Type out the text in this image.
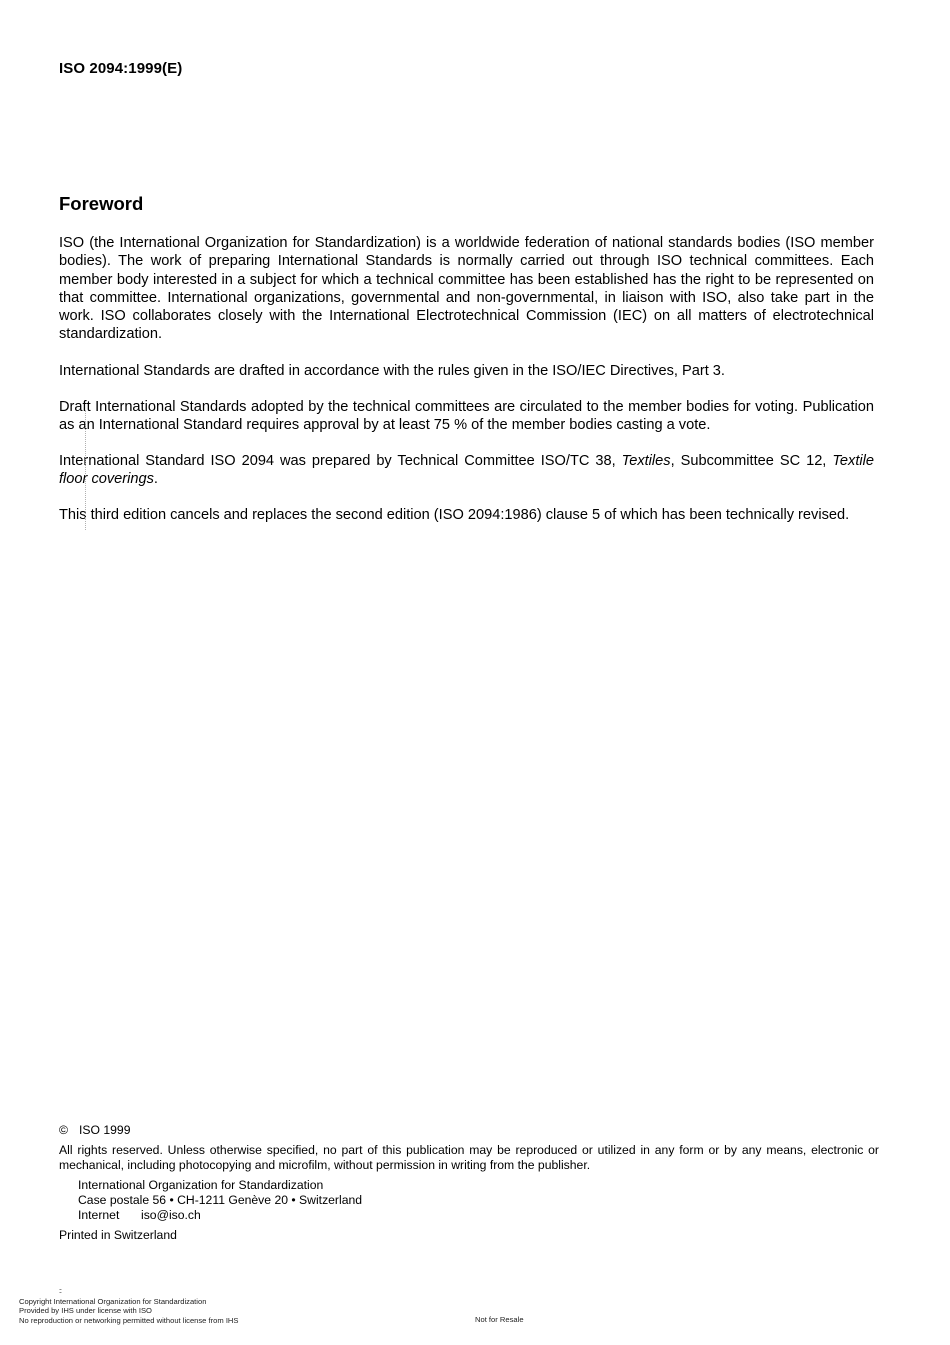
ISO 2094:1999(E)
Foreword

ISO (the International Organization for Standardization) is a worldwide federation of national standards bodies (ISO member bodies). The work of preparing International Standards is normally carried out through ISO technical committees. Each member body interested in a subject for which a technical committee has been established has the right to be represented on that committee. International organizations, governmental and non-governmental, in liaison with ISO, also take part in the work. ISO collaborates closely with the International Electrotechnical Commission (IEC) on all matters of electrotechnical standardization.

International Standards are drafted in accordance with the rules given in the ISO/IEC Directives, Part 3.

Draft International Standards adopted by the technical committees are circulated to the member bodies for voting. Publication as an International Standard requires approval by at least 75 % of the member bodies casting a vote.

International Standard ISO 2094 was prepared by Technical Committee ISO/TC 38, Textiles, Subcommittee SC 12, Textile floor coverings.

This third edition cancels and replaces the second edition (ISO 2094:1986) clause 5 of which has been technically revised.

© ISO 1999
All rights reserved. Unless otherwise specified, no part of this publication may be reproduced or utilized in any form or by any means, electronic or mechanical, including photocopying and microfilm, without permission in writing from the publisher.
International Organization for Standardization
Case postale 56 • CH-1211 Genève 20 • Switzerland
Internet iso@iso.ch
Printed in Switzerland
::
Copyright International Organization for Standardization
Provided by IHS under license with ISO
No reproduction or networking permitted without license from IHS	Not for Resale
